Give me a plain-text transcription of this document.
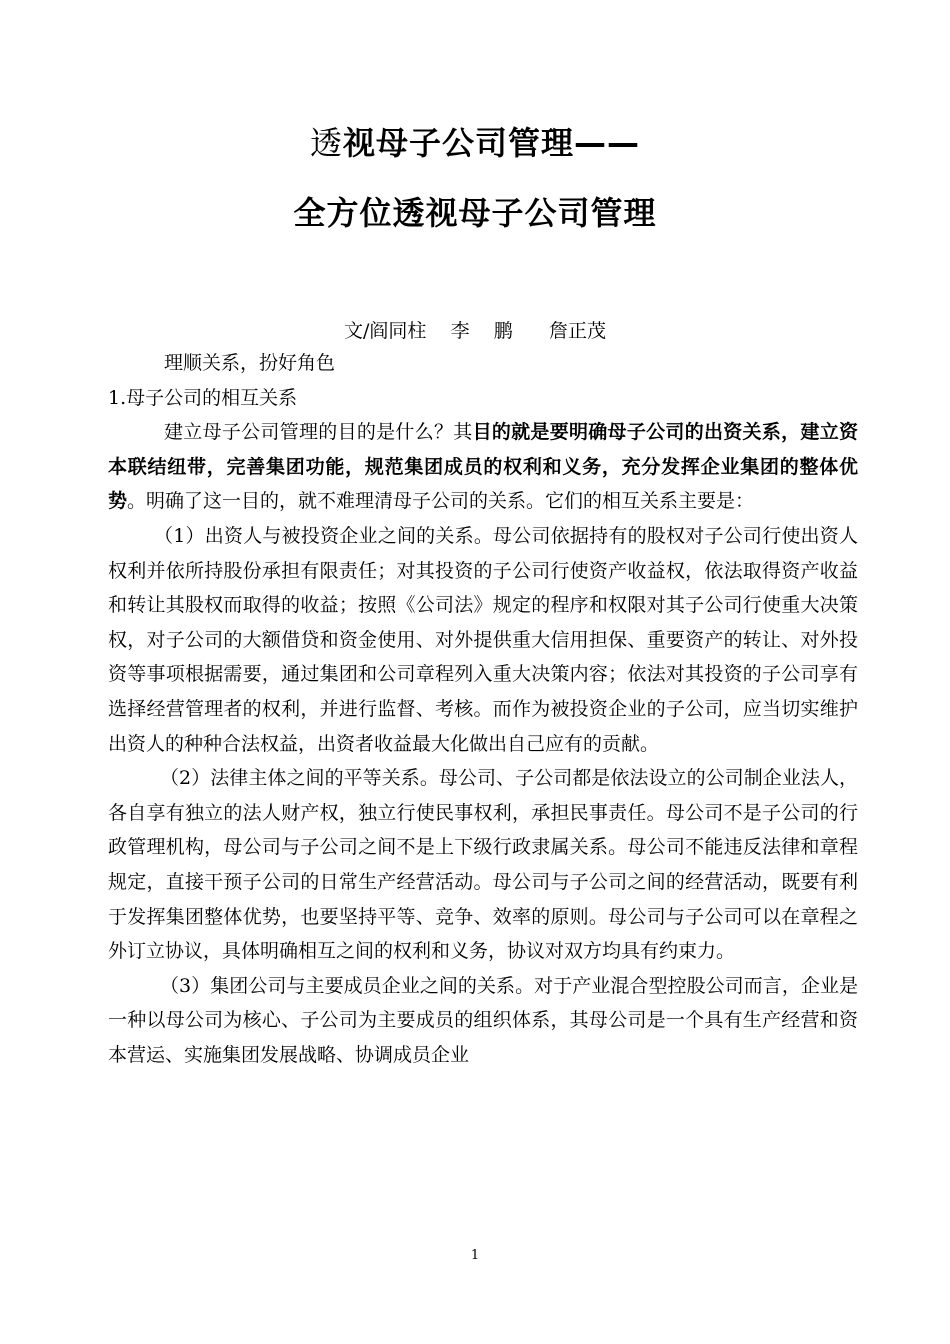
透视母子公司管理——
全方位透视母子公司管理
文/阎同柱    李    鹏      詹正茂

理顺关系，扮好角色

1.母子公司的相互关系

建立母子公司管理的目的是什么？其目的就是要明确母子公司的出资关系，建立资本联结纽带，完善集团功能，规范集团成员的权利和义务，充分发挥企业集团的整体优势。明确了这一目的，就不难理清母子公司的关系。它们的相互关系主要是：

（1）出资人与被投资企业之间的关系。母公司依据持有的股权对子公司行使出资人权利并依所持股份承担有限责任；对其投资的子公司行使资产收益权，依法取得资产收益和转让其股权而取得的收益；按照《公司法》规定的程序和权限对其子公司行使重大决策权，对子公司的大额借贷和资金使用、对外提供重大信用担保、重要资产的转让、对外投资等事项根据需要，通过集团和公司章程列入重大决策内容；依法对其投资的子公司享有选择经营管理者的权利，并进行监督、考核。而作为被投资企业的子公司，应当切实维护出资人的种种合法权益，出资者收益最大化做出自己应有的贡献。

（2）法律主体之间的平等关系。母公司、子公司都是依法设立的公司制企业法人，各自享有独立的法人财产权，独立行使民事权利，承担民事责任。母公司不是子公司的行政管理机构，母公司与子公司之间不是上下级行政隶属关系。母公司不能违反法律和章程规定，直接干预子公司的日常生产经营活动。母公司与子公司之间的经营活动，既要有利于发挥集团整体优势，也要坚持平等、竞争、效率的原则。母公司与子公司可以在章程之外订立协议，具体明确相互之间的权利和义务，协议对双方均具有约束力。

（3）集团公司与主要成员企业之间的关系。对于产业混合型控股公司而言，企业是一种以母公司为核心、子公司为主要成员的组织体系，其母公司是一个具有生产经营和资本营运、实施集团发展战略、协调成员企业

1
